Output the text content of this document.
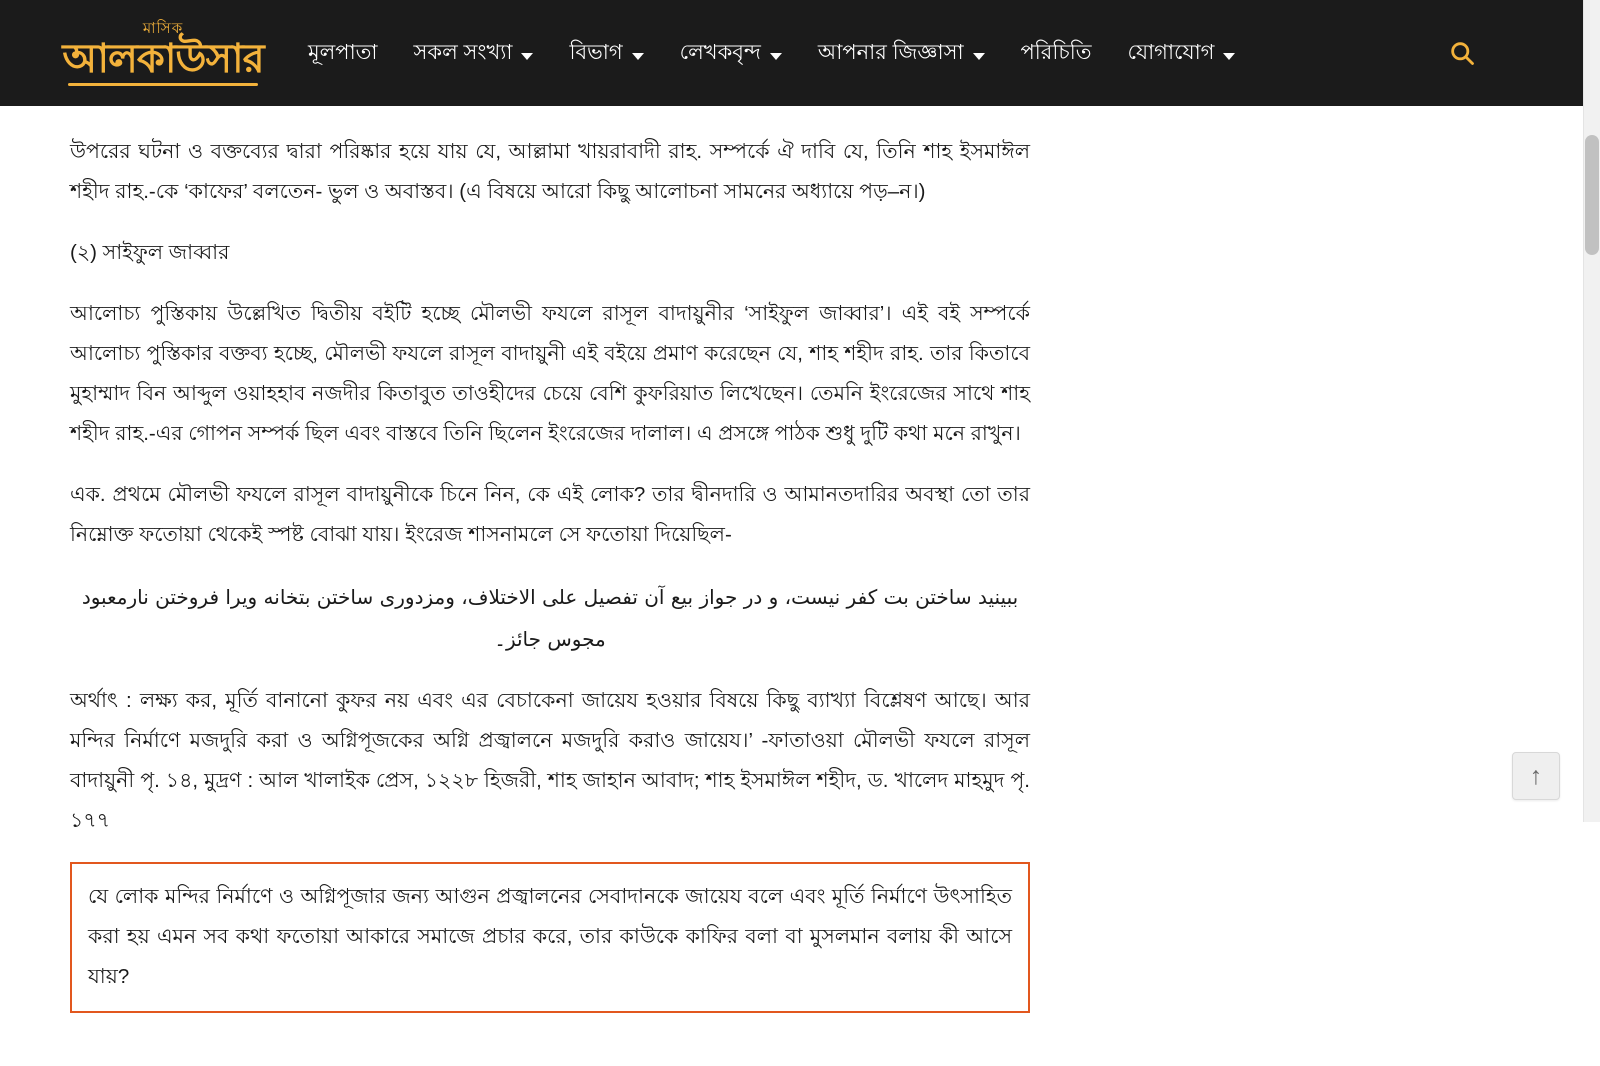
মাসিক
আলকাউসার মূলপাতা সকল সংখ্যা	বিভাগ	লেখকবৃন্দ	আপনার জিজ্ঞাসা	পরিচিতি যোগাযোগ

উপরের ঘটনা ও বক্তব্যের দ্বারা পরিষ্কার হয়ে যায় যে, আল্লামা খায়রাবাদী রাহ. সম্পর্কে ঐ দাবি যে, তিনি শাহ ইসমাঈল শহীদ রাহ.-কে ‘কাফের’ বলতেন- ভুল ও অবাস্তব। (এ বিষয়ে আরো কিছু আলোচনা সামনের অধ্যায়ে পড়–ন।)

(২) সাইফুল জাব্বার

আলোচ্য পুস্তিকায় উল্লেখিত দ্বিতীয় বইটি হচ্ছে মৌলভী ফযলে রাসূল বাদায়ুনীর ‘সাইফুল জাব্বার’। এই বই সম্পর্কে আলোচ্য পুস্তিকার বক্তব্য হচ্ছে, মৌলভী ফযলে রাসূল বাদায়ুনী এই বইয়ে প্রমাণ করেছেন যে, শাহ শহীদ রাহ. তার কিতাবে মুহাম্মাদ বিন আব্দুল ওয়াহহাব নজদীর কিতাবুত তাওহীদের চেয়ে বেশি কুফরিয়াত লিখেছেন। তেমনি ইংরেজের সাথে শাহ শহীদ রাহ.-এর গোপন সম্পর্ক ছিল এবং বাস্তবে তিনি ছিলেন ইংরেজের দালাল। এ প্রসঙ্গে পাঠক শুধু দুটি কথা মনে রাখুন।

এক. প্রথমে মৌলভী ফযলে রাসূল বাদায়ুনীকে চিনে নিন, কে এই লোক? তার দ্বীনদারি ও আমানতদারির অবস্থা তো তার নিম্নোক্ত ফতোয়া থেকেই স্পষ্ট বোঝা যায়। ইংরেজ শাসনামলে সে ফতোয়া দিয়েছিল-

ببینید ساختن بت کفر نیست، و در جواز بیع آن تفصیل علی الاختلاف، ومزدوری ساختن بتخانه ویرا فروختن نارمعبود مجوس جائز۔

অর্থাৎ : লক্ষ্য কর, মূর্তি বানানো কুফর নয় এবং এর বেচাকেনা জায়েয হওয়ার বিষয়ে কিছু ব্যাখ্যা বিশ্লেষণ আছে। আর মন্দির নির্মাণে মজদুরি করা ও অগ্নিপূজকের অগ্নি প্রজ্বালনে মজদুরি করাও জায়েয।’ -ফাতাওয়া মৌলভী ফযলে রাসূল বাদায়ুনী পৃ. ১৪, মুদ্রণ : আল খালাইক প্রেস, ১২২৮ হিজরী, শাহ জাহান আবাদ; শাহ ইসমাঈল শহীদ, ড. খালেদ মাহমুদ পৃ. ১৭৭

যে লোক মন্দির নির্মাণে ও অগ্নিপূজার জন্য আগুন প্রজ্বালনের সেবাদানকে জায়েয বলে এবং মূর্তি নির্মাণে উৎসাহিত করা হয় এমন সব কথা ফতোয়া আকারে সমাজে প্রচার করে, তার কাউকে কাফির বলা বা মুসলমান বলায় কী আসে যায়?

↑
